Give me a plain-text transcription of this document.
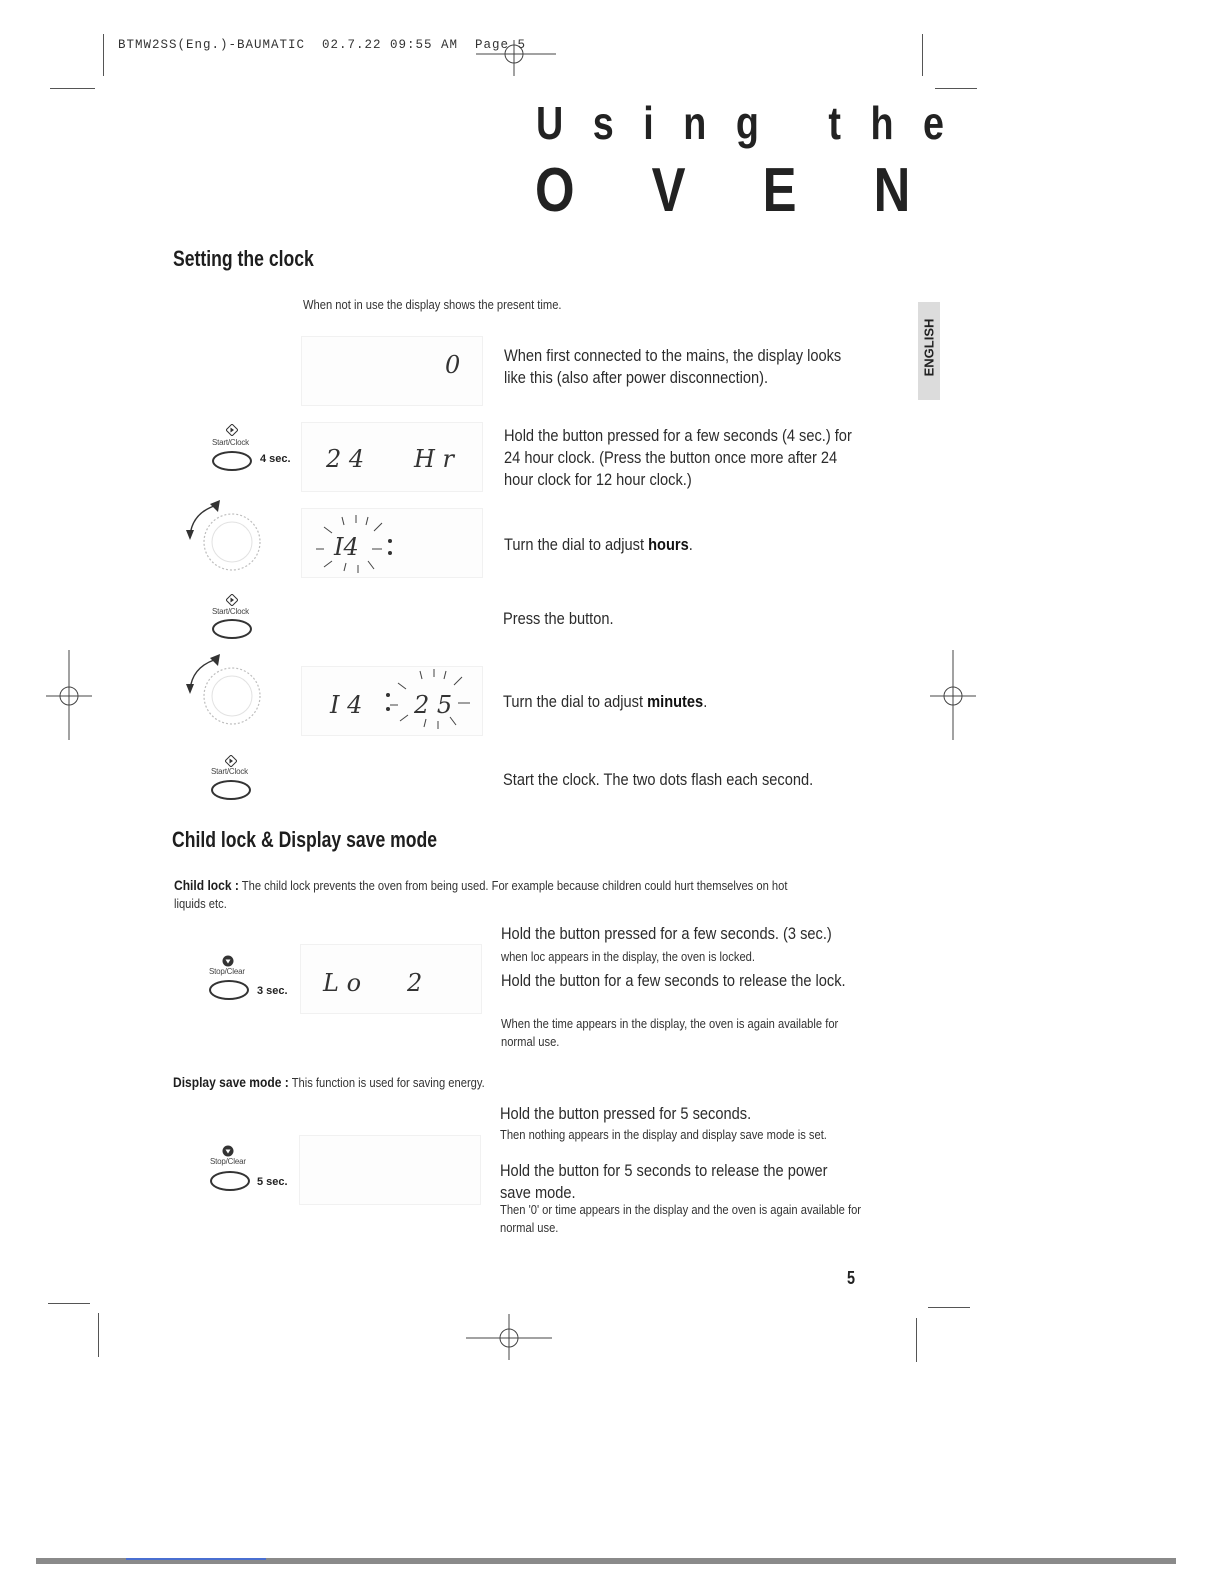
BTMW2SS(Eng.)-BAUMATIC  02.7.22 09:55 AM  Page 5
Using the
OVEN
ENGLISH
Setting the clock
When not in use the display shows the present time.
0	When first connected to the mains, the display looks like this (also after power disconnection).
Start/Clock
4 sec. 2 4 H r
Hold the button pressed for a few seconds (4 sec.) for 24 hour clock. (Press the button once more after 24 hour clock for 12 hour clock.)
I4	Turn the dial to adjust hours.
Start/Clock	Press the button.
I 4 2 5	Turn the dial to adjust minutes.
Start/Clock	Start the clock. The two dots flash each second.
Child lock & Display save mode
Child lock : The child lock prevents the oven from being used. For example because children could hurt themselves on hot liquids etc.
Stop/Clear
3 sec. L o 2
Hold the button pressed for a few seconds. (3 sec.)
when loc appears in the display, the oven is locked.
Hold the button for a few seconds to release the lock.
When the time appears in the display, the oven is again available for normal use.
Display save mode : This function is used for saving energy.
Stop/Clear
5 sec.
Hold the button pressed for 5 seconds.
Then nothing appears in the display and display save mode is set.
Hold the button for 5 seconds to release the power save mode.
Then '0' or time appears in the display and the oven is again available for normal use.
5
